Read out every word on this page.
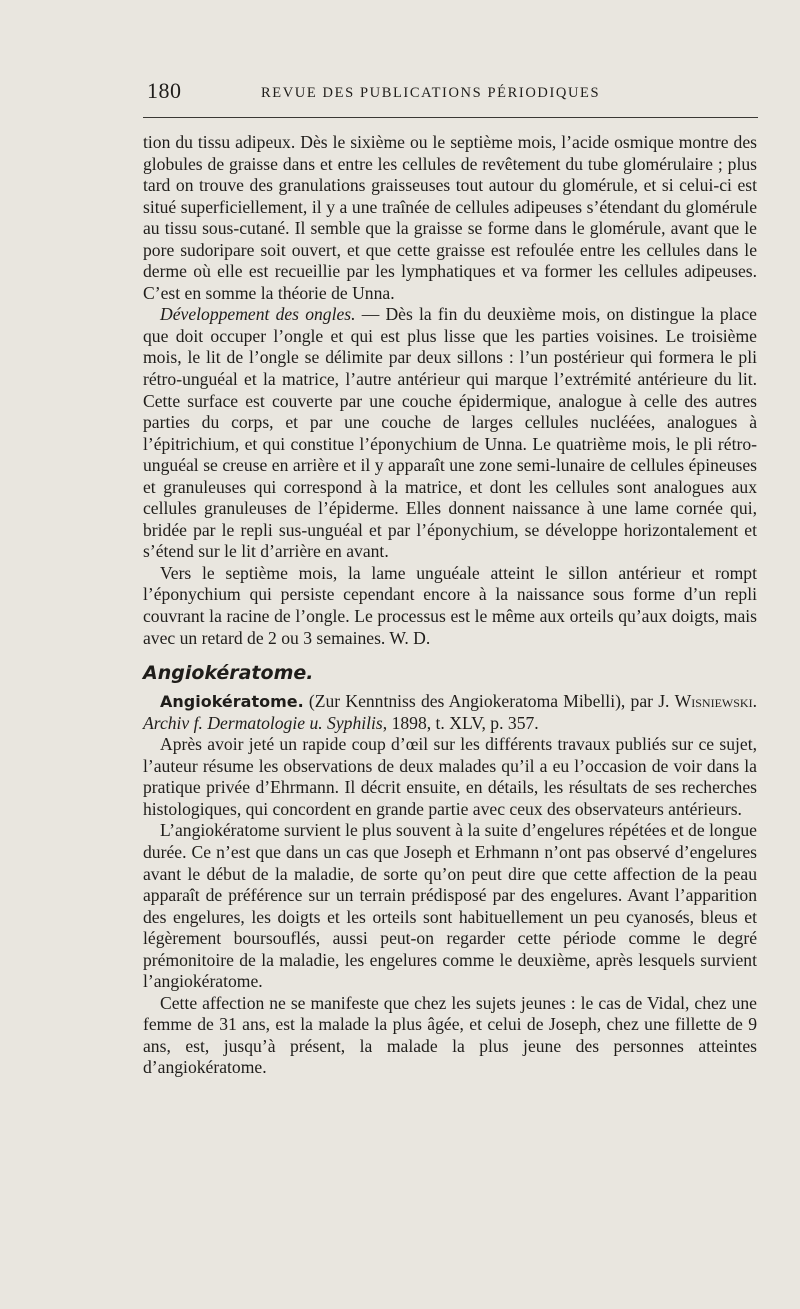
180	REVUE DES PUBLICATIONS PÉRIODIQUES

tion du tissu adipeux. Dès le sixième ou le septième mois, l’acide osmique montre des globules de graisse dans et entre les cellules de revêtement du tube glomérulaire ; plus tard on trouve des granulations graisseuses tout autour du glomérule, et si celui-ci est situé superficiellement, il y a une traînée de cellules adipeuses s’étendant du glomérule au tissu sous-cutané. Il semble que la graisse se forme dans le glomérule, avant que le pore sudoripare soit ouvert, et que cette graisse est refoulée entre les cellules dans le derme où elle est recueillie par les lymphatiques et va former les cellules adipeuses. C’est en somme la théorie de Unna.

Développement des ongles. — Dès la fin du deuxième mois, on distingue la place que doit occuper l’ongle et qui est plus lisse que les parties voisines. Le troisième mois, le lit de l’ongle se délimite par deux sillons : l’un postérieur qui formera le pli rétro-unguéal et la matrice, l’autre antérieur qui marque l’extrémité antérieure du lit. Cette surface est couverte par une couche épidermique, analogue à celle des autres parties du corps, et par une couche de larges cellules nucléées, analogues à l’épitrichium, et qui constitue l’éponychium de Unna. Le quatrième mois, le pli rétro-unguéal se creuse en arrière et il y apparaît une zone semi-lunaire de cellules épineuses et granuleuses qui correspond à la matrice, et dont les cellules sont analogues aux cellules granuleuses de l’épiderme. Elles donnent naissance à une lame cornée qui, bridée par le repli sus-unguéal et par l’éponychium, se développe horizontalement et s’étend sur le lit d’arrière en avant.

Vers le septième mois, la lame unguéale atteint le sillon antérieur et rompt l’éponychium qui persiste cependant encore à la naissance sous forme d’un repli couvrant la racine de l’ongle. Le processus est le même aux orteils qu’aux doigts, mais avec un retard de 2 ou 3 semaines. W. D.

Angiokératome.

Angiokératome. (Zur Kenntniss des Angiokeratoma Mibelli), par J. Wisniewski. Archiv f. Dermatologie u. Syphilis, 1898, t. XLV, p. 357.

Après avoir jeté un rapide coup d’œil sur les différents travaux publiés sur ce sujet, l’auteur résume les observations de deux malades qu’il a eu l’occasion de voir dans la pratique privée d’Ehrmann. Il décrit ensuite, en détails, les résultats de ses recherches histologiques, qui concordent en grande partie avec ceux des observateurs antérieurs.

L’angiokératome survient le plus souvent à la suite d’engelures répétées et de longue durée. Ce n’est que dans un cas que Joseph et Erhmann n’ont pas observé d’engelures avant le début de la maladie, de sorte qu’on peut dire que cette affection de la peau apparaît de préférence sur un terrain prédisposé par des engelures. Avant l’apparition des engelures, les doigts et les orteils sont habituellement un peu cyanosés, bleus et légèrement boursouflés, aussi peut-on regarder cette période comme le degré prémonitoire de la maladie, les engelures comme le deuxième, après lesquels survient l’angiokératome.

Cette affection ne se manifeste que chez les sujets jeunes : le cas de Vidal, chez une femme de 31 ans, est la malade la plus âgée, et celui de Joseph, chez une fillette de 9 ans, est, jusqu’à présent, la malade la plus jeune des personnes atteintes d’angiokératome.
